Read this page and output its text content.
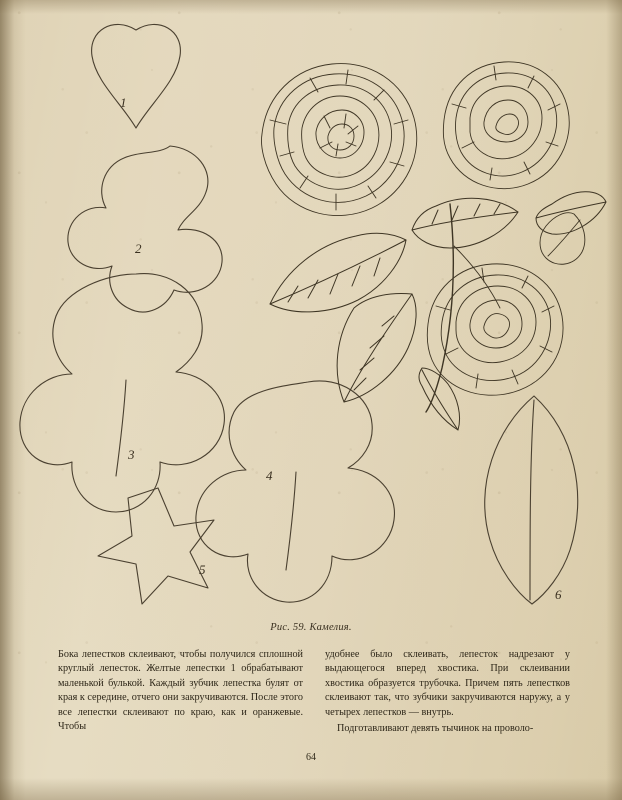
1
2
3
4
5
6
Рис. 59. Камелия.

Бока лепестков склеивают, чтобы получился сплошной круглый лепесток. Желтые лепестки 1 обрабатывают маленькой булькой. Каждый зубчик лепестка булят от края к середине, отчего они закручиваются. После этого все лепестки склеивают по краю, как и оранжевые. Чтобы

удобнее было склеивать, лепесток надрезают у выдающегося вперед хвостика. При склеивании хвостика образуется трубочка. Причем пять лепестков склеивают так, что зубчики закручиваются наружу, а у четырех лепестков — внутрь.

Подготавливают девять тычинок на проволо-

64
